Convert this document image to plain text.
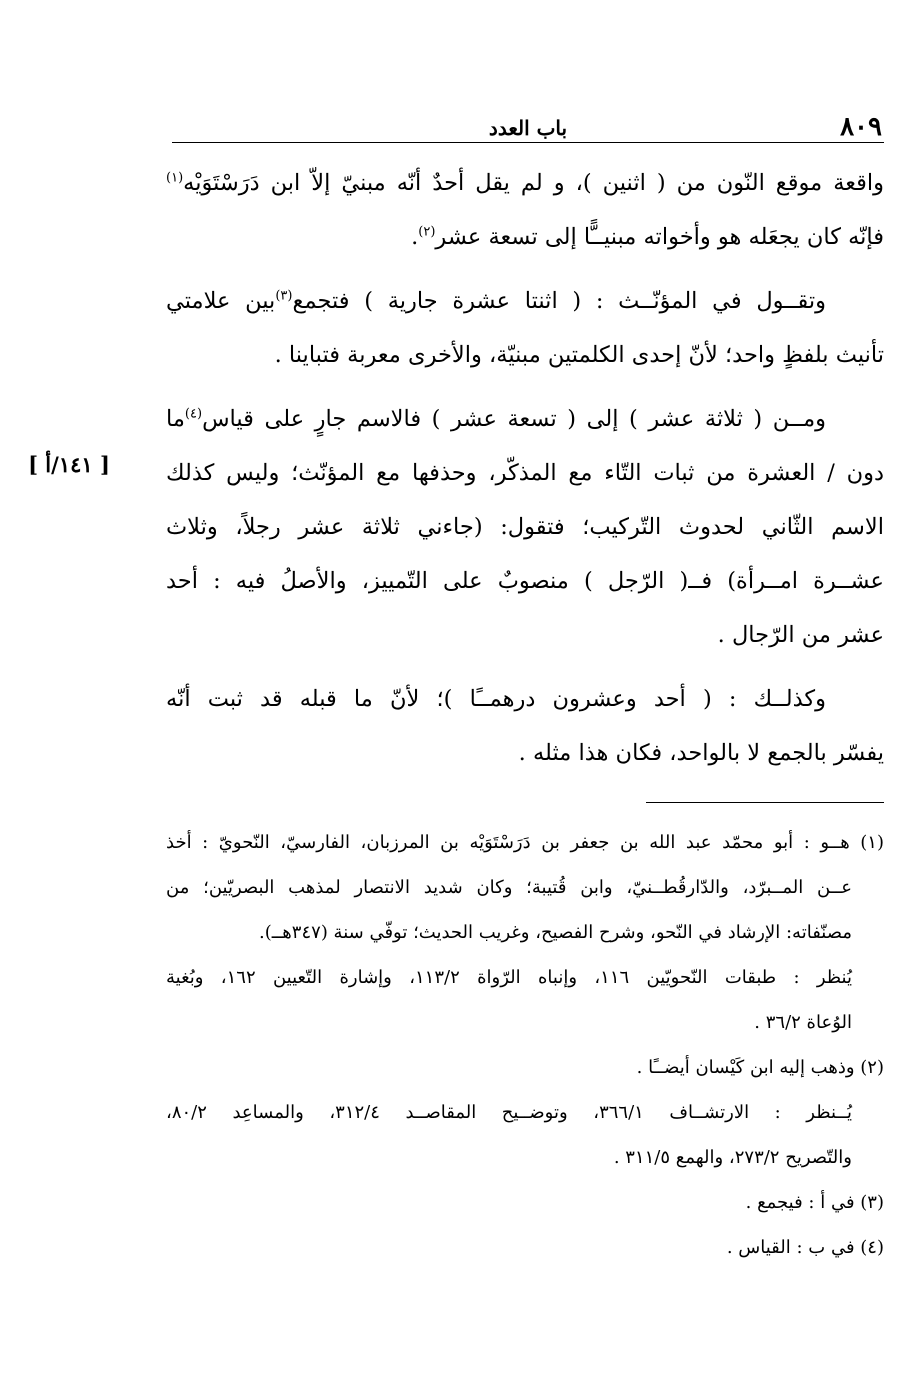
٨٠٩
باب العدد
[ ١٤١/أ ]
واقعة موقع النّون من ( اثنين )، و لم يقل أحدٌ أنّه مبنيّ إلاّ ابن دَرَسْتَوَيْه$^{(١)}$
فإنّه كان يجعَله هو وأخواته مبنيــًّا إلى تسعة عشر$^{(٢)}$.
وتقــول في المؤنّــث : ( اثنتا عشرة جارية ) فتجمع$^{(٣)}$بين علامتي
تأنيث بلفظٍ واحد؛ لأنّ إحدى الكلمتين مبنيّة، والأخرى معربة فتباينا .
ومــن ( ثلاثة عشر ) إلى ( تسعة عشر ) فالاسم جارٍ على قياس$^{(٤)}$ما
دون / العشرة من ثبات التّاء مع المذكّر، وحذفها مع المؤنّث؛ وليس كذلك
الاسم الثّاني لحدوث التّركيب؛ فتقول: (جاءني ثلاثة عشر رجلاً، وثلاث
عشــرة امــرأة) فــ( الرّجل ) منصوبٌ على التّمييز، والأصلُ فيه : أحد
عشر من الرّجال .
وكذلــك : ( أحد وعشرون درهمــًا )؛ لأنّ ما قبله قد ثبت أنّه
يفسّر بالجمع لا بالواحد، فكان هذا مثله .
(١) هــو : أبو محمّد عبد الله بن جعفر بن دَرَسْتَوَيْه بن المرزبان، الفارسيّ، النّحويّ : أخذ
عــن المــبرّد، والدّارقُطــنيّ، وابن قُتيبة؛ وكان شديد الانتصار لمذهب البصريّين؛ من
مصنّفاته: الإرشاد في النّحو، وشرح الفصيح، وغريب الحديث؛ توفّي سنة (٣٤٧هــ).
يُنظر : طبقات النّحويّين ١١٦، وإنباه الرّواة ١١٣/٢، وإشارة التّعيين ١٦٢، وبُغية
الوُعاة ٣٦/٢ .
(٢) وذهب إليه ابن كَيْسان أيضــًا .
يُــنظر : الارتشــاف ٣٦٦/١، وتوضــيح المقاصــد ٣١٢/٤، والمساعِد ٨٠/٢،
والتّصريح ٢٧٣/٢، والهمع ٣١١/٥ .
(٣) في أ : فيجمع .
(٤) في ب : القياس .
